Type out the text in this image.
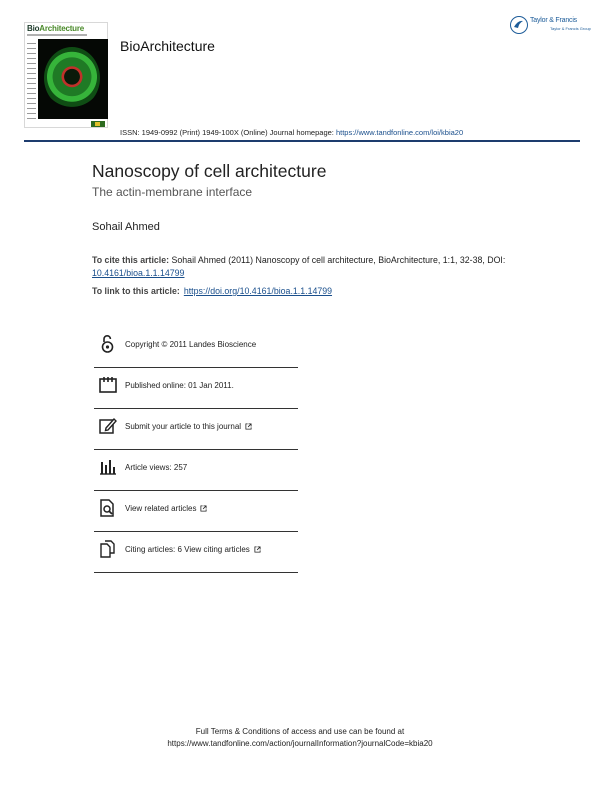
BioArchitecture
BioArchitecture
Taylor & Francis
Taylor & Francis Group
ISSN: 1949-0992 (Print) 1949-100X (Online) Journal homepage: https://www.tandfonline.com/loi/kbia20
Nanoscopy of cell architecture
The actin-membrane interface
Sohail Ahmed
To cite this article: Sohail Ahmed (2011) Nanoscopy of cell architecture, BioArchitecture, 1:1, 32-38, DOI: 10.4161/bioa.1.1.14799
To link to this article: https://doi.org/10.4161/bioa.1.1.14799
Copyright © 2011 Landes Bioscience
Published online: 01 Jan 2011.
Submit your article to this journal
Article views: 257
View related articles
Citing articles: 6 View citing articles
Full Terms & Conditions of access and use can be found at
https://www.tandfonline.com/action/journalInformation?journalCode=kbia20
